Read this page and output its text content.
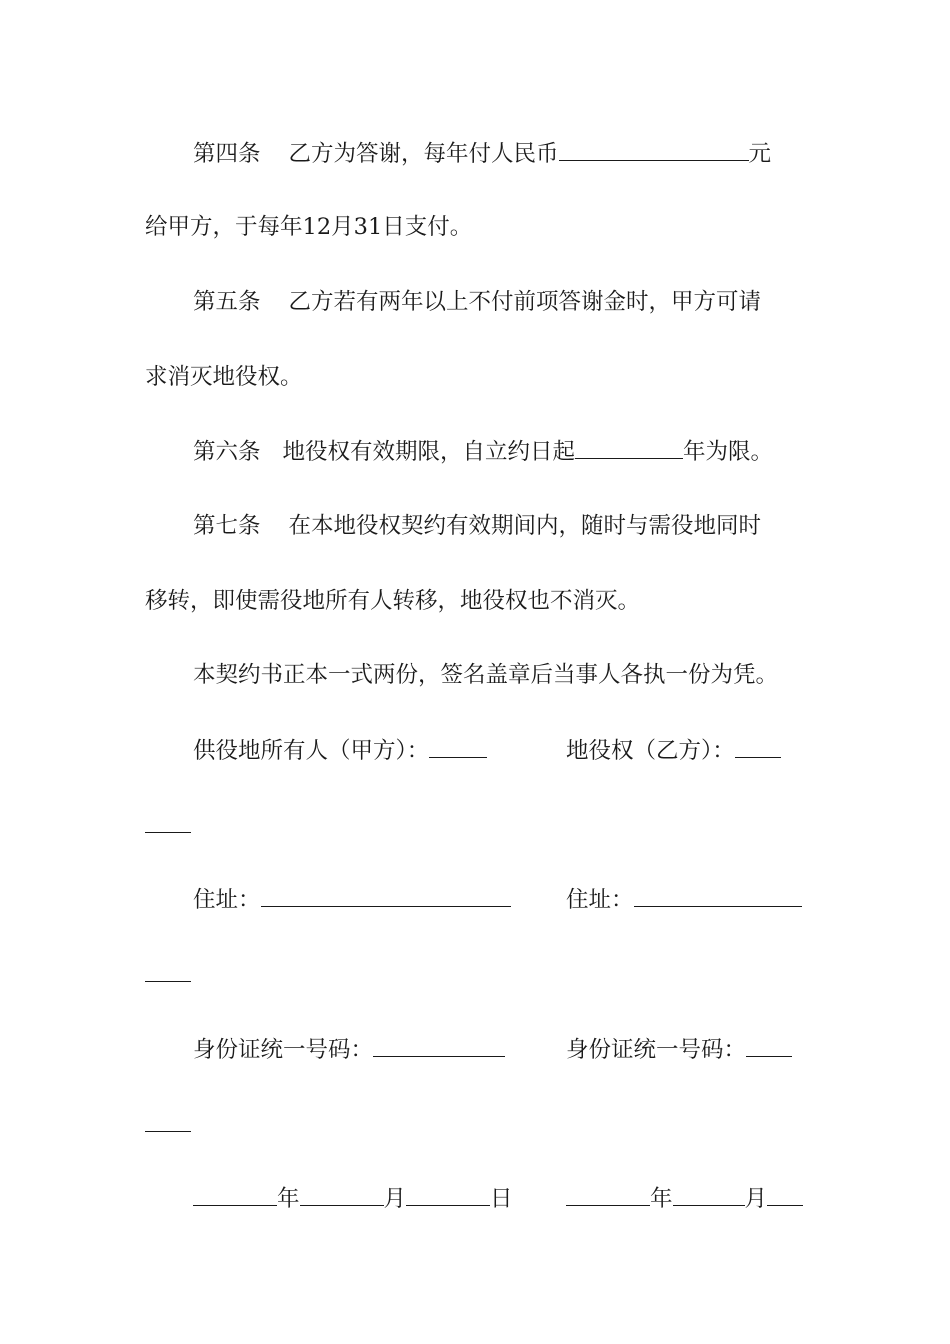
第四条 乙方为答谢，每年付人民币	元
给甲方，于每年12月31日支付。
第五条 乙方若有两年以上不付前项答谢金时，甲方可请
求消灭地役权。
第六条 地役权有效期限，自立约日起	年为限。
第七条 在本地役权契约有效期间内，随时与需役地同时
移转，即使需役地所有人转移，地役权也不消灭。
本契约书正本一式两份，签名盖章后当事人各执一份为凭。
供役地所有人（甲方）：	地役权（乙方）：
住址：	住址：
身份证统一号码：	身份证统一号码：
年	月	日	年	月
